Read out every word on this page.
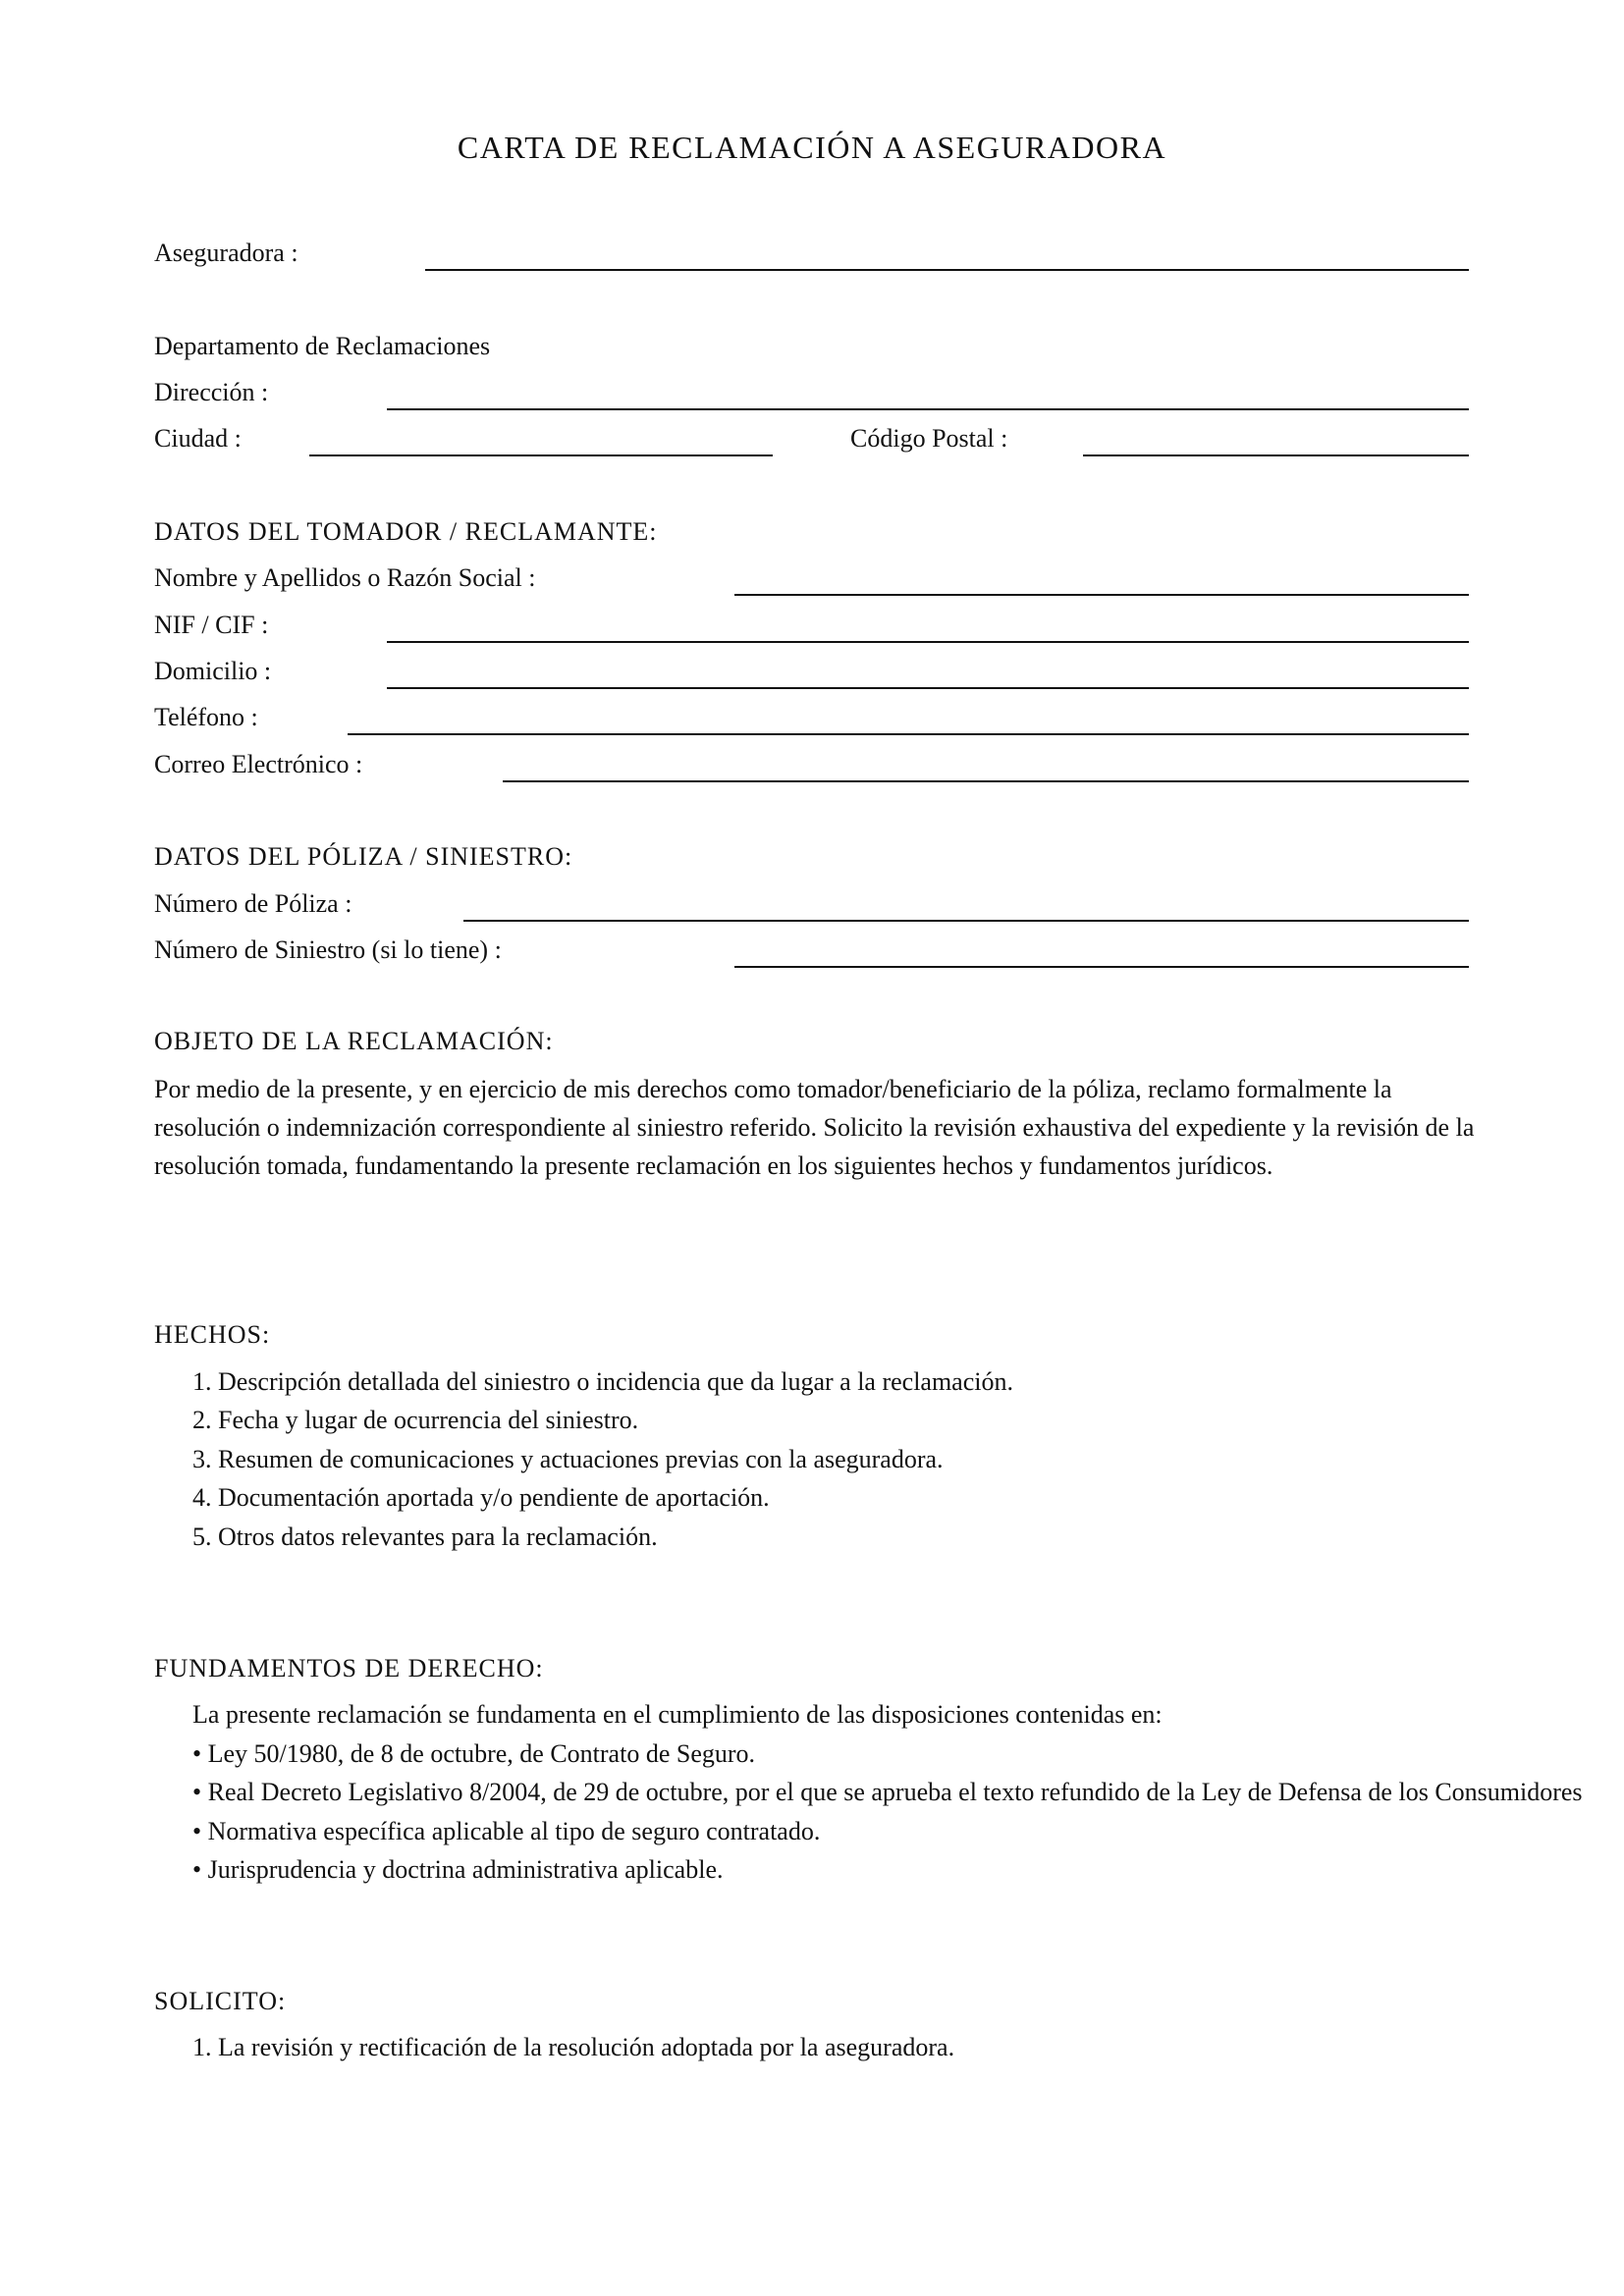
CARTA DE RECLAMACIÓN A ASEGURADORA
Aseguradora :
Departamento de Reclamaciones
Dirección :
Ciudad :	Código Postal :
DATOS DEL TOMADOR / RECLAMANTE:
Nombre y Apellidos o Razón Social :
NIF / CIF :
Domicilio :
Teléfono :
Correo Electrónico :
DATOS DEL PÓLIZA / SINIESTRO:
Número de Póliza :
Número de Siniestro (si lo tiene) :
OBJETO DE LA RECLAMACIÓN:
Por medio de la presente, y en ejercicio de mis derechos como tomador/beneficiario de la póliza, reclamo formalmente la resolución o indemnización correspondiente al siniestro referido. Solicito la revisión exhaustiva del expediente y la revisión de la resolución tomada, fundamentando la presente reclamación en los siguientes hechos y fundamentos jurídicos.
HECHOS:
1. Descripción detallada del siniestro o incidencia que da lugar a la reclamación.
2. Fecha y lugar de ocurrencia del siniestro.
3. Resumen de comunicaciones y actuaciones previas con la aseguradora.
4. Documentación aportada y/o pendiente de aportación.
5. Otros datos relevantes para la reclamación.
FUNDAMENTOS DE DERECHO:
La presente reclamación se fundamenta en el cumplimiento de las disposiciones contenidas en:
• Ley 50/1980, de 8 de octubre, de Contrato de Seguro.
• Real Decreto Legislativo 8/2004, de 29 de octubre, por el que se aprueba el texto refundido de la Ley de Defensa de los Consumidores
• Normativa específica aplicable al tipo de seguro contratado.
• Jurisprudencia y doctrina administrativa aplicable.
SOLICITO:
1. La revisión y rectificación de la resolución adoptada por la aseguradora.
